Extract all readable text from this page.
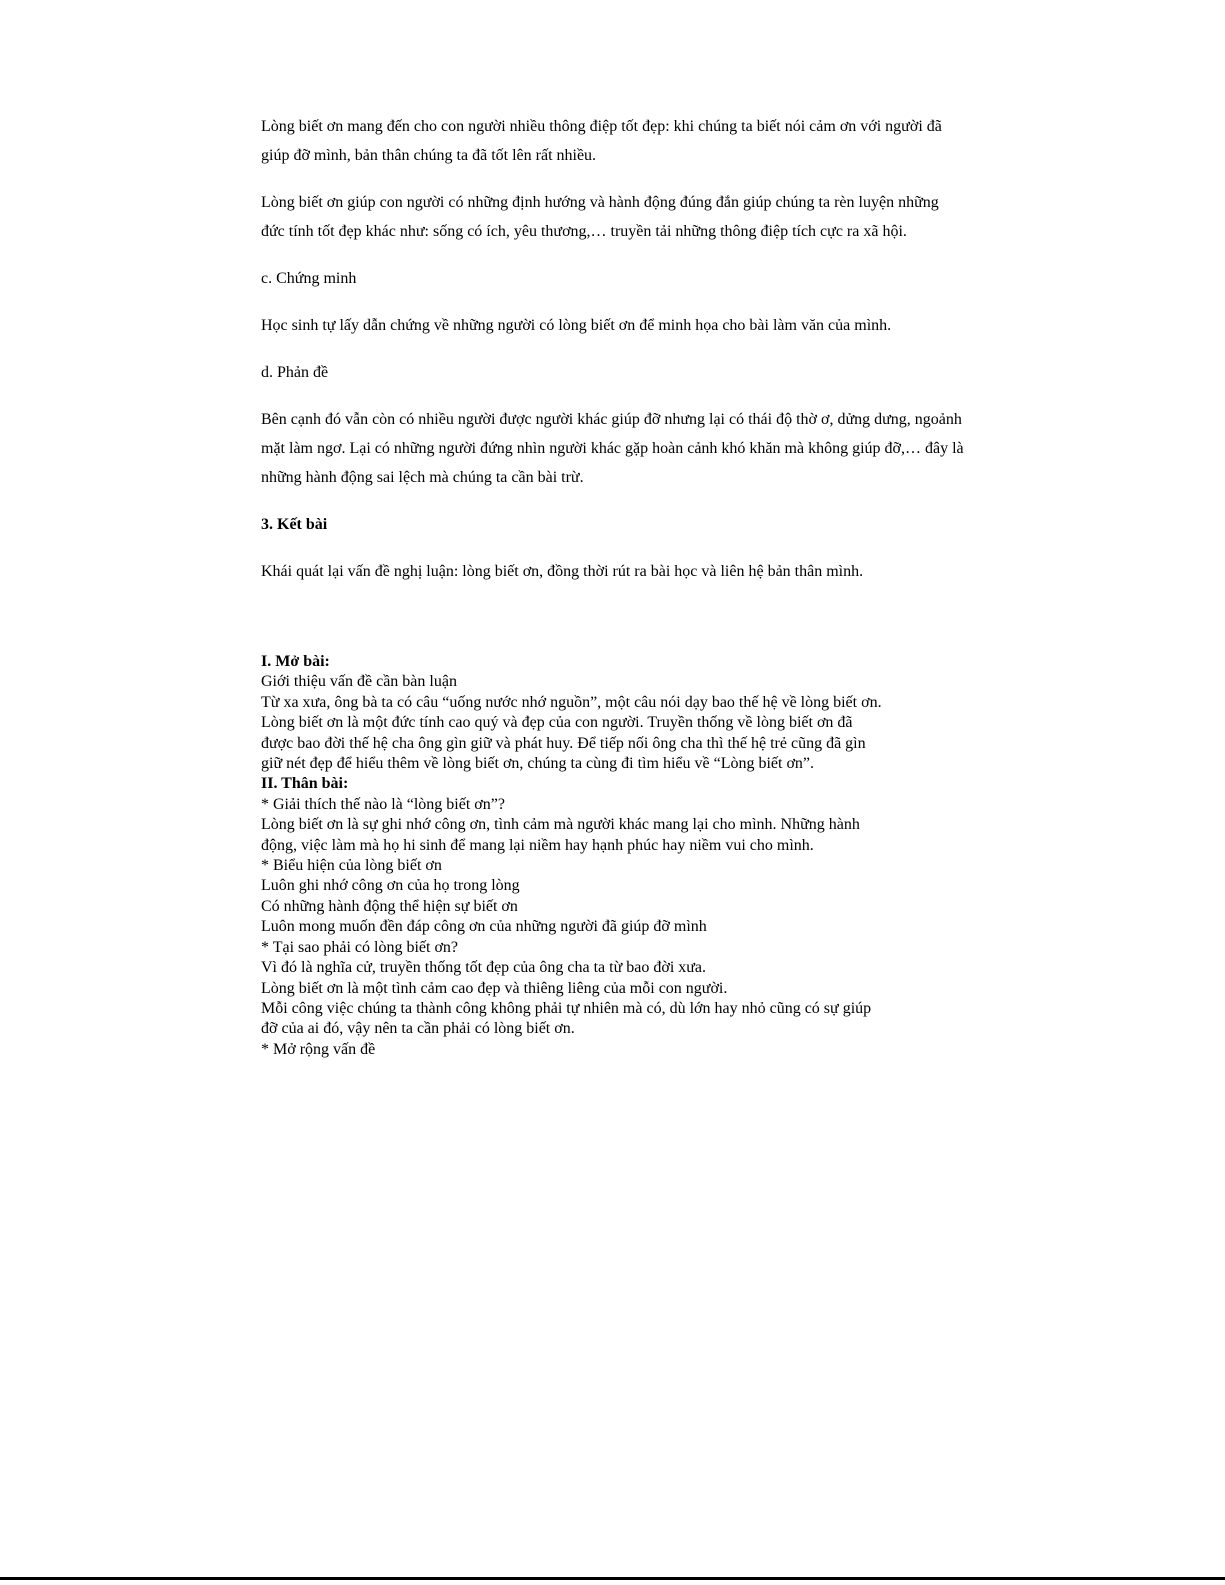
Lòng biết ơn mang đến cho con người nhiều thông điệp tốt đẹp: khi chúng ta biết nói cảm ơn với người đã giúp đỡ mình, bản thân chúng ta đã tốt lên rất nhiều.

Lòng biết ơn giúp con người có những định hướng và hành động đúng đắn giúp chúng ta rèn luyện những đức tính tốt đẹp khác như: sống có ích, yêu thương,… truyền tải những thông điệp tích cực ra xã hội.

c. Chứng minh

Học sinh tự lấy dẫn chứng về những người có lòng biết ơn để minh họa cho bài làm văn của mình.

d. Phản đề

Bên cạnh đó vẫn còn có nhiều người được người khác giúp đỡ nhưng lại có thái độ thờ ơ, dửng dưng, ngoảnh mặt làm ngơ. Lại có những người đứng nhìn người khác gặp hoàn cảnh khó khăn mà không giúp đỡ,… đây là những hành động sai lệch mà chúng ta cần bài trừ.

3. Kết bài

Khái quát lại vấn đề nghị luận: lòng biết ơn, đồng thời rút ra bài học và liên hệ bản thân mình.

I. Mở bài:
Giới thiệu vấn đề cần bàn luận
Từ xa xưa, ông bà ta có câu “uống nước nhớ nguồn”, một câu nói dạy bao thế hệ về lòng biết ơn.
Lòng biết ơn là một đức tính cao quý và đẹp của con người. Truyền thống về lòng biết ơn đã
được bao đời thế hệ cha ông gìn giữ và phát huy. Để tiếp nối ông cha thì thế hệ trẻ cũng đã gìn
giữ nét đẹp để hiểu thêm về lòng biết ơn, chúng ta cùng đi tìm hiểu về “Lòng biết ơn”.
II. Thân bài:
* Giải thích thế nào là “lòng biết ơn”?
Lòng biết ơn là sự ghi nhớ công ơn, tình cảm mà người khác mang lại cho mình. Những hành
động, việc làm mà họ hi sinh để mang lại niềm hay hạnh phúc hay niềm vui cho mình.
* Biểu hiện của lòng biết ơn
Luôn ghi nhớ công ơn của họ trong lòng
Có những hành động thể hiện sự biết ơn
Luôn mong muốn đền đáp công ơn của những người đã giúp đỡ mình
* Tại sao phải có lòng biết ơn?
Vì đó là nghĩa cử, truyền thống tốt đẹp của ông cha ta từ bao đời xưa.
Lòng biết ơn là một tình cảm cao đẹp và thiêng liêng của mỗi con người.
Mỗi công việc chúng ta thành công không phải tự nhiên mà có, dù lớn hay nhỏ cũng có sự giúp
đỡ của ai đó, vậy nên ta cần phải có lòng biết ơn.
* Mở rộng vấn đề
